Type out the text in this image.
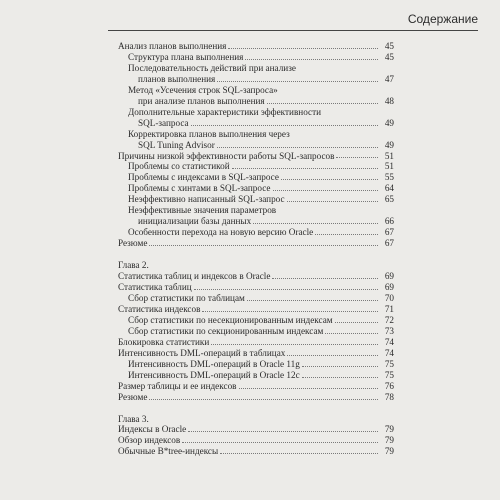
Содержание
Анализ планов выполнения	45
Структура плана выполнения	45
Последовательность действий при анализе
планов выполнения	47
Метод «Усечения строк SQL-запроса»
при анализе планов выполнения	48
Дополнительные характеристики эффективности
SQL-запроса	49
Корректировка планов выполнения через
SQL Tuning Advisor	49
Причины низкой эффективности работы SQL-запросов	51
Проблемы со статистикой	51
Проблемы с индексами в SQL-запросе	55
Проблемы с хинтами в SQL-запросе	64
Неэффективно написанный SQL-запрос	65
Неэффективные значения параметров
инициализации базы данных	66
Особенности перехода на новую версию Oracle	67
Резюме	67
Глава 2.
Статистика таблиц и индексов в Oracle	69
Статистика таблиц	69
Сбор статистики по таблицам	70
Статистика индексов	71
Сбор статистики по несекционированным индексам	72
Сбор статистики по секционированным индексам	73
Блокировка статистики	74
Интенсивность DML-операций в таблицах	74
Интенсивность DML-операций в Oracle 11g	75
Интенсивность DML-операций в Oracle 12c	75
Размер таблицы и ее индексов	76
Резюме	78
Глава 3.
Индексы в Oracle	79
Обзор индексов	79
Обычные B*tree-индексы	79
